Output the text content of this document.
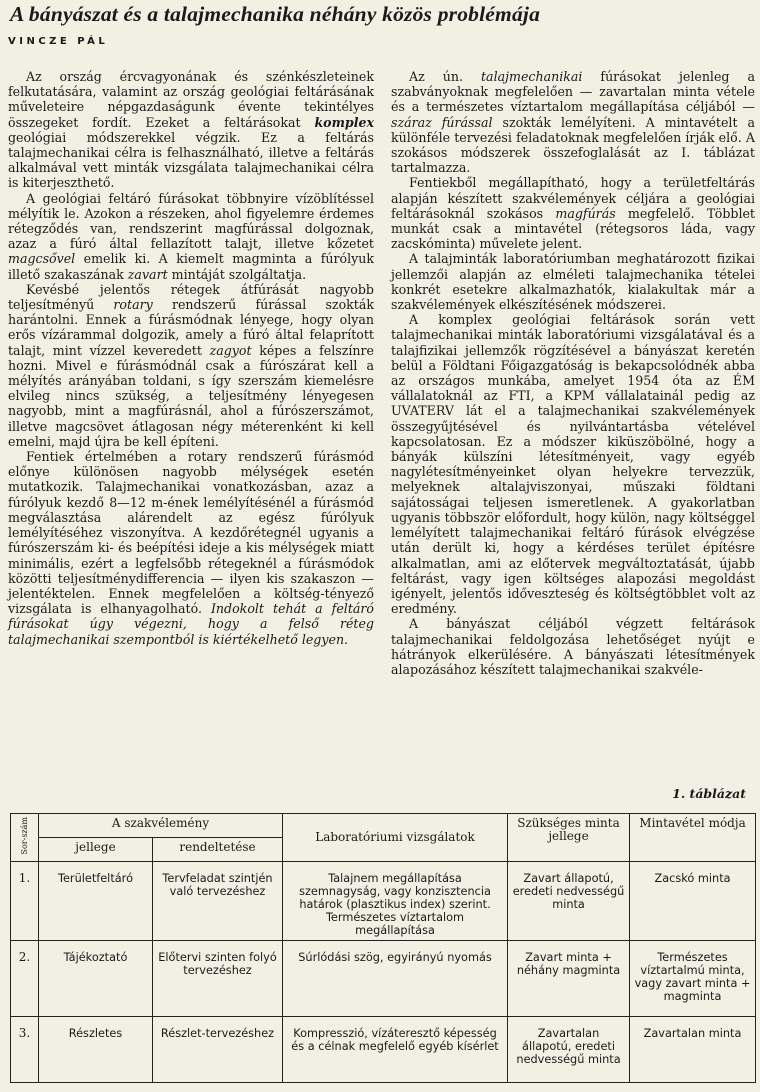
A bányászat és a talajmechanika néhány közös problémája
VINCZE PÁL

Az ország ércvagyonának és szénkészleteinek felkutatására, valamint az ország geológiai feltárásának műveleteire népgazdaságunk évente tekintélyes összegeket fordít. Ezeket a feltárásokat komplex geológiai módszerekkel végzik. Ez a feltárás talajmechanikai célra is felhasználható, illetve a feltárás alkalmával vett minták vizsgálata talajmechanikai célra is kiterjeszthető.

A geológiai feltáró fúrásokat többnyire vízöblítéssel mélyítik le. Azokon a részeken, ahol figyelemre érdemes rétegződés van, rendszerint magfúrással dolgoznak, azaz a fúró által fellazított talajt, illetve kőzetet magcsővel emelik ki. A kiemelt magminta a fúrólyuk illető szakaszának zavart mintáját szolgáltatja.

Kevésbé jelentős rétegek átfúrását nagyobb teljesítményű rotary rendszerű fúrással szokták harántolni. Ennek a fúrásmódnak lényege, hogy olyan erős vízárammal dolgozik, amely a fúró által felaprított talajt, mint vízzel keveredett zagyot képes a felszínre hozni. Mivel e fúrásmódnál csak a fúrószárat kell a mélyítés arányában toldani, s így szerszám kiemelésre elvileg nincs szükség, a teljesítmény lényegesen nagyobb, mint a magfúrásnál, ahol a fúrószerszámot, illetve magcsövet átlagosan négy méterenként ki kell emelni, majd újra be kell építeni.

Fentiek értelmében a rotary rendszerű fúrásmód előnye különösen nagyobb mélységek esetén mutatkozik. Talajmechanikai vonatkozásban, azaz a fúrólyuk kezdő 8—12 m-ének lemélyítésénél a fúrásmód megválasztása alárendelt az egész fúrólyuk lemélyítéséhez viszonyítva. A kezdőrétegnél ugyanis a fúrószerszám ki- és beépítési ideje a kis mélységek miatt minimális, ezért a legfelsőbb rétegeknél a fúrásmódok közötti teljesítménydifferencia — ilyen kis szakaszon — jelentéktelen. Ennek megfelelően a költség-tényező vizsgálata is elhanyagolható. Indokolt tehát a feltáró fúrásokat úgy végezni, hogy a felső réteg talajmechanikai szempontból is kiértékelhető legyen.

Az ún. talajmechanikai fúrásokat jelenleg a szabványoknak megfelelően — zavartalan minta vétele és a természetes víztartalom megállapítása céljából — száraz fúrással szokták lemélyíteni. A mintavételt a különféle tervezési feladatoknak megfelelően írják elő. A szokásos módszerek összefoglalását az I. táblázat tartalmazza.

Fentiekből megállapítható, hogy a területfeltárás alapján készített szakvélemények céljára a geológiai feltárásoknál szokásos magfúrás megfelelő. Többlet munkát csak a mintavétel (rétegsoros láda, vagy zacskóminta) művelete jelent.

A talajminták laboratóriumban meghatározott fizikai jellemzői alapján az elméleti talajmechanika tételei konkrét esetekre alkalmazhatók, kialakultak már a szakvélemények elkészítésének módszerei.

A komplex geológiai feltárások során vett talajmechanikai minták laboratóriumi vizsgálatával és a talajfizikai jellemzők rögzítésével a bányászat keretén belül a Földtani Főigazgatóság is bekapcsolódnék abba az országos munkába, amelyet 1954 óta az ÉM vállalatoknál az FTI, a KPM vállalatainál pedig az UVATERV lát el a talajmechanikai szakvélemények összegyűjtésével és nyilvántartásba vételével kapcsolatosan. Ez a módszer kiküszöbölné, hogy a bányák külszíni létesítményeit, vagy egyéb nagylétesítményeinket olyan helyekre tervezzük, melyeknek altalajviszonyai, műszaki földtani sajátosságai teljesen ismeretlenek. A gyakorlatban ugyanis többször előfordult, hogy külön, nagy költséggel lemélyített talajmechanikai feltáró fúrások elvégzése után derült ki, hogy a kérdéses terület építésre alkalmatlan, ami az előtervek megváltoztatását, újabb feltárást, vagy igen költséges alapozási megoldást igényelt, jelentős időveszteség és költségtöbblet volt az eredmény.

A bányászat céljából végzett feltárások talajmechanikai feldolgozása lehetőséget nyújt e hátrányok elkerülésére. A bányászati létesítmények alapozásához készített talajmechanikai szakvéle-

1. táblázat
Sor-szám	A szakvélemény		Laboratóriumi vizsgálatok	Szükséges minta jellege	Mintavétel módja
	jellege	rendeltetése			
1.	Területfeltáró	Tervfeladat szintjén való tervezéshez	Talajnem megállapítása szemnagyság, vagy konzisztencia határok (plasztikus index) szerint. Természetes víztartalom megállapítása	Zavart állapotú, eredeti nedvességű minta	Zacskó minta
2.	Tájékoztató	Előtervi szinten folyó tervezéshez	Súrlódási szög, egyirányú nyomás	Zavart minta + néhány magminta	Természetes víztartalmú minta, vagy zavart minta + magminta
3.	Részletes	Részlet-tervezéshez	Kompresszió, vízáteresztő képesség és a célnak megfelelő egyéb kísérlet	Zavartalan állapotú, eredeti nedvességű minta	Zavartalan minta
